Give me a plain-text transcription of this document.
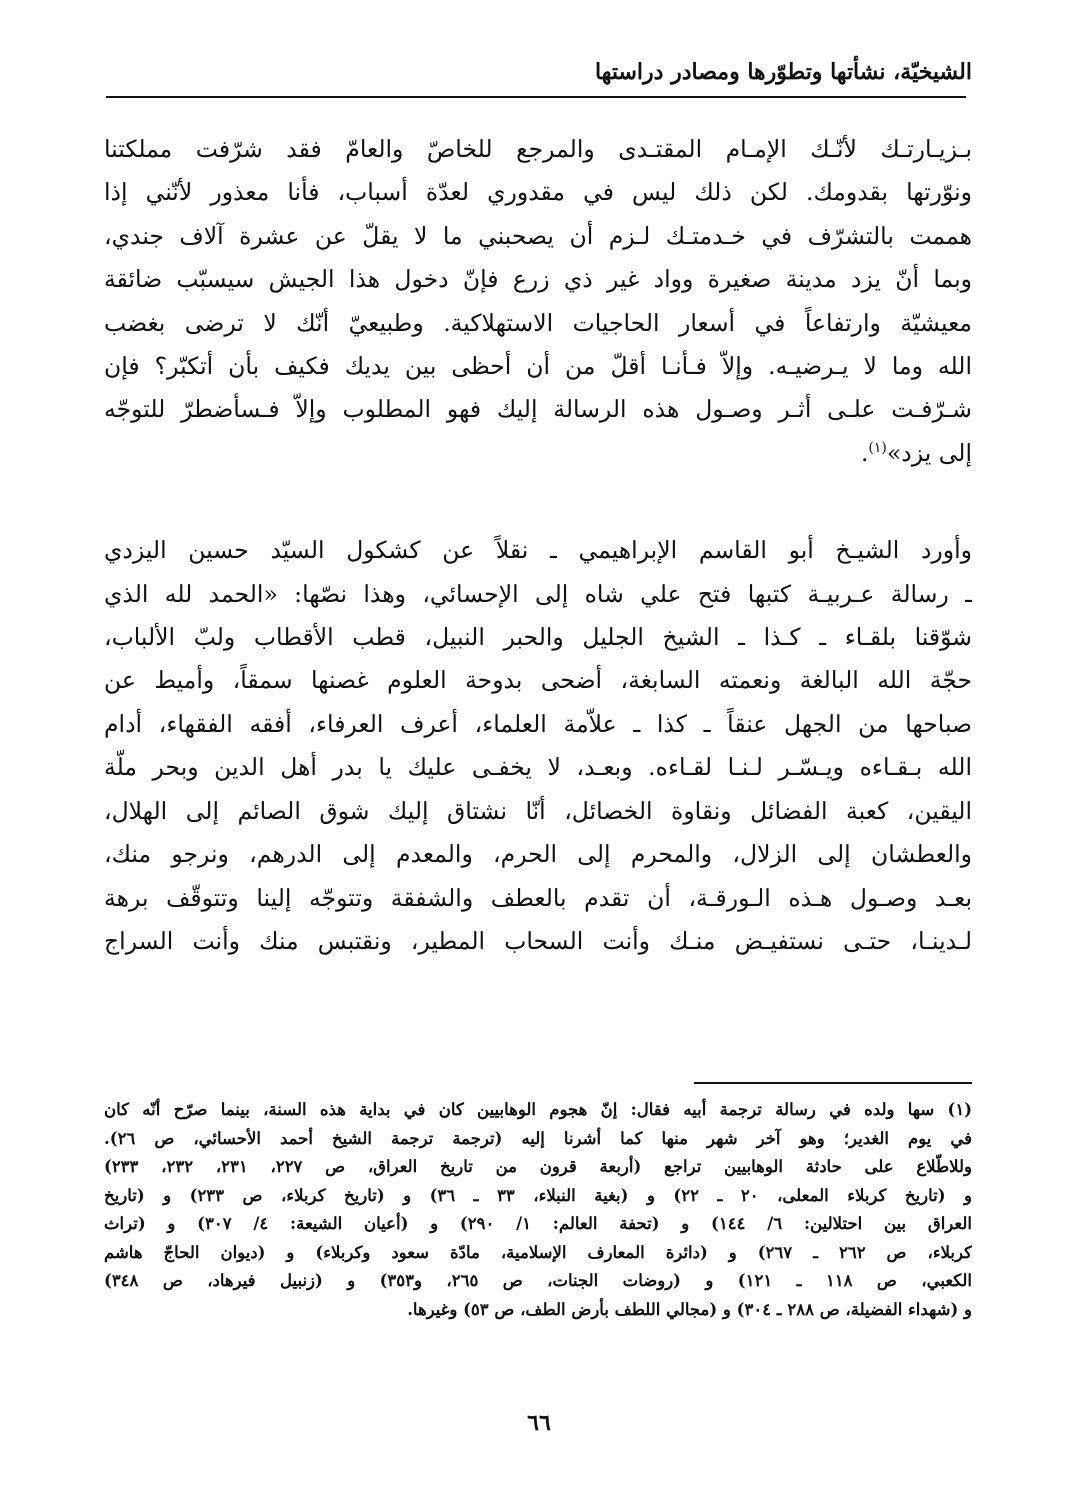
الشيخيّة، نشأتها وتطوّرها ومصادر دراستها
بـزيـارتـك لأنّـك الإمـام المقتـدى والمرجع للخاصّ والعامّ فقد شرّفت مملكتنا
ونوّرتها بقدومك. لكن ذلك ليس في مقدوري لعدّة أسباب، فأنا معذور لأنّني إذا
هممت بالتشرّف في خـدمتـك لـزم أن يصحبني ما لا يقلّ عن عشرة آلاف جندي،
وبما أنّ يزد مدينة صغيرة وواد غير ذي زرع فإنّ دخول هذا الجيش سيسبّب ضائقة
معيشيّة وارتفاعاً في أسعار الحاجيات الاستهلاكية. وطبيعيّ أنّك لا ترضى بغضب
الله وما لا يـرضيـه. وإلاّ فـأنـا أقلّ من أن أحظى بين يديك فكيف بأن أتكبّر؟ فإن
شـرّفـت علـى أثـر وصـول هذه الرسالة إليك فهو المطلوب وإلاّ فـسأضطرّ للتوجّه
إلى يزد»$^{(١)}$.
وأورد الشيـخ أبو القاسم الإبراهيمي ـ نقلاً عن كشكول السيّد حسين اليزدي
ـ رسالة عـربيـة كتبها فتح علي شاه إلى الإحسائي، وهذا نصّها: «الحمد لله الذي
شوّقنا بلقـاء ـ كـذا ـ الشيخ الجليل والحبر النبيل، قطب الأقطاب ولبّ الألباب،
حجّة الله البالغة ونعمته السابغة، أضحى بدوحة العلوم غصنها سمقاً، وأميط عن
صباحها من الجهل عنقاً ـ كذا ـ علاّمة العلماء، أعرف العرفاء، أفقه الفقهاء، أدام
الله بـقـاءه ويـسّـر لـنـا لقـاءه. وبعـد، لا يخفـى عليك يا بدر أهل الدين وبحر ملّة
اليقين، كعبة الفضائل ونقاوة الخصائل، أنّا نشتاق إليك شوق الصائم إلى الهلال،
والعطشان إلى الزلال، والمحرم إلى الحرم، والمعدم إلى الدرهم، ونرجو منك،
بعـد وصـول هـذه الـورقـة، أن تقدم بالعطف والشفقة وتتوجّه إلينا وتتوقّف برهة
لـدينـا، حتـى نستفيـض منـك وأنت السحاب المطير، ونقتبس منك وأنت السراج
(١) سها ولده في رسالة ترجمة أبيه فقال: إنّ هجوم الوهابيين كان في بداية هذه السنة، بينما صرّح أنّه كان
في يوم الغدير؛ وهو آخر شهر منها كما أشرنا إليه (ترجمة ترجمة الشيخ أحمد الأحسائي، ص ٢٦).
وللاطّلاع على حادثة الوهابيين تراجع (أربعة قرون من تاريخ العراق، ص ٢٢٧، ٢٣١، ٢٣٢، ٢٣٣)
و (تاريخ كربلاء المعلى، ٢٠ ـ ٢٢) و (بغية النبلاء، ٣٣ ـ ٣٦) و (تاريخ كربلاء، ص ٢٣٣) و (تاريخ
العراق بين احتلالين: ٦/ ١٤٤) و (تحفة العالم: ١/ ٢٩٠) و (أعيان الشيعة: ٤/ ٣٠٧) و (تراث
كربلاء، ص ٢٦٢ ـ ٢٦٧) و (دائرة المعارف الإسلامية، مادّة سعود وكربلاء) و (ديوان الحاجّ هاشم
الكعبي، ص ١١٨ ـ ١٢١) و (روضات الجنات، ص ٢٦٥، و٣٥٣) و (زنبيل فيرهاد، ص ٣٤٨)
و (شهداء الفضيلة، ص ٢٨٨ ـ ٣٠٤) و (مجالي اللطف بأرض الطف، ص ٥٣) وغيرها.
٦٦
